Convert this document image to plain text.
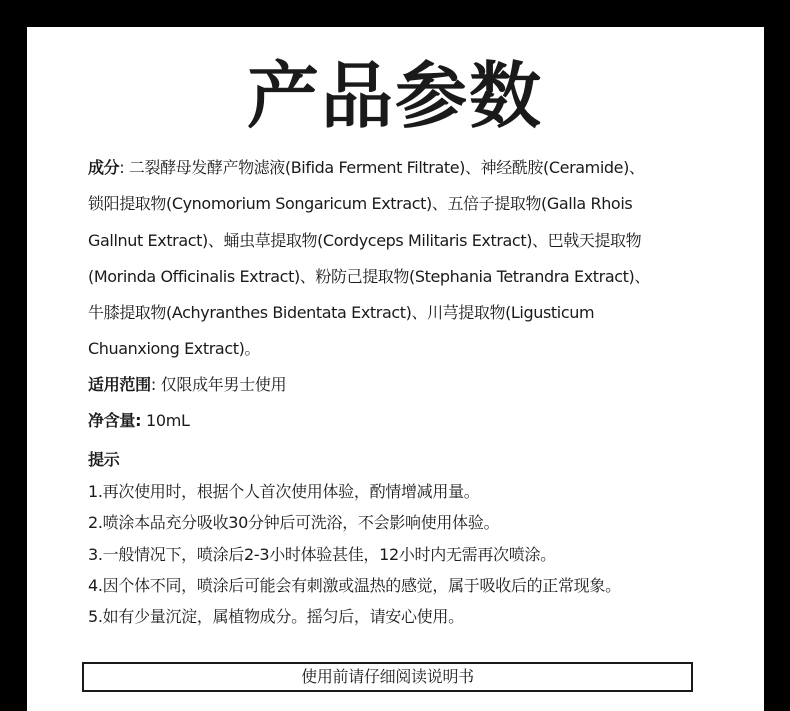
产品参数
成分: 二裂酵母发酵产物滤液(Bifida Ferment Filtrate)、神经酰胺(Ceramide)、
锁阳提取物(Cynomorium Songaricum Extract)、五倍子提取物(Galla Rhois
Gallnut Extract)、蛹虫草提取物(Cordyceps Militaris Extract)、巴戟天提取物
(Morinda Officinalis Extract)、粉防己提取物(Stephania Tetrandra Extract)、
牛膝提取物(Achyranthes Bidentata Extract)、川芎提取物(Ligusticum
Chuanxiong Extract)。
适用范围: 仅限成年男士使用
净含量: 10mL
提示
1.再次使用时，根据个人首次使用体验，酌情增减用量。
2.喷涂本品充分吸收30分钟后可洗浴，不会影响使用体验。
3.一般情况下，喷涂后2-3小时体验甚佳，12小时内无需再次喷涂。
4.因个体不同，喷涂后可能会有刺激或温热的感觉，属于吸收后的正常现象。
5.如有少量沉淀，属植物成分。摇匀后，请安心使用。
使用前请仔细阅读说明书
